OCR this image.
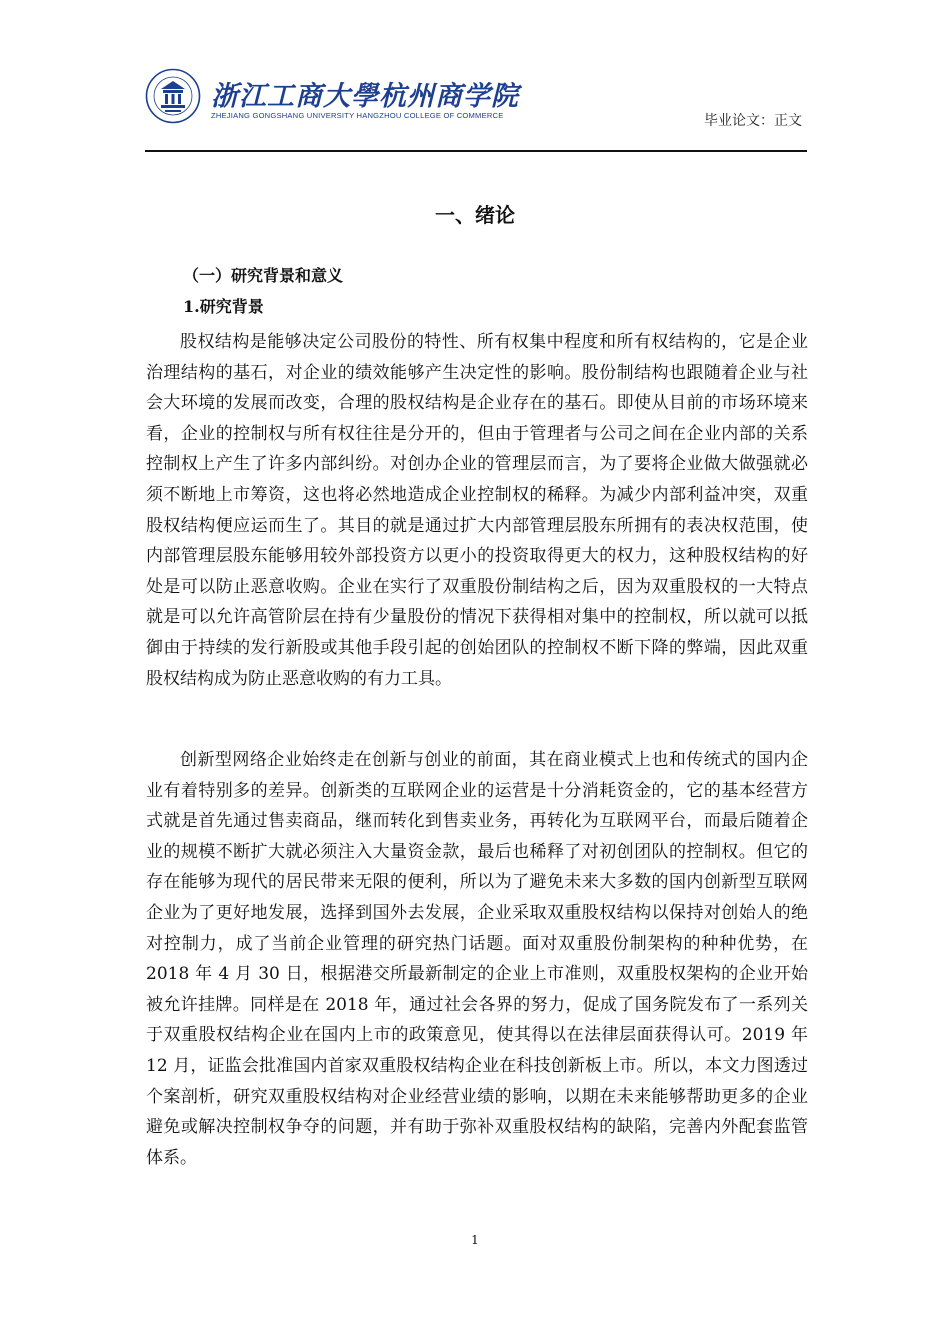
浙江工商大學杭州商学院
ZHEJIANG GONGSHANG UNIVERSITY HANGZHOU COLLEGE OF COMMERCE	毕业论文：正文
一、绪论
（一）研究背景和意义
1.研究背景

股权结构是能够决定公司股份的特性、所有权集中程度和所有权结构的，它是企业治理结构的基石，对企业的绩效能够产生决定性的影响。股份制结构也跟随着企业与社会大环境的发展而改变，合理的股权结构是企业存在的基石。即使从目前的市场环境来看，企业的控制权与所有权往往是分开的，但由于管理者与公司之间在企业内部的关系控制权上产生了许多内部纠纷。对创办企业的管理层而言，为了要将企业做大做强就必须不断地上市筹资，这也将必然地造成企业控制权的稀释。为减少内部利益冲突，双重股权结构便应运而生了。其目的就是通过扩大内部管理层股东所拥有的表决权范围，使内部管理层股东能够用较外部投资方以更小的投资取得更大的权力，这种股权结构的好处是可以防止恶意收购。企业在实行了双重股份制结构之后，因为双重股权的一大特点就是可以允许高管阶层在持有少量股份的情况下获得相对集中的控制权，所以就可以抵御由于持续的发行新股或其他手段引起的创始团队的控制权不断下降的弊端，因此双重股权结构成为防止恶意收购的有力工具。

创新型网络企业始终走在创新与创业的前面，其在商业模式上也和传统式的国内企业有着特别多的差异。创新类的互联网企业的运营是十分消耗资金的，它的基本经营方式就是首先通过售卖商品，继而转化到售卖业务，再转化为互联网平台，而最后随着企业的规模不断扩大就必须注入大量资金款，最后也稀释了对初创团队的控制权。但它的存在能够为现代的居民带来无限的便利，所以为了避免未来大多数的国内创新型互联网企业为了更好地发展，选择到国外去发展，企业采取双重股权结构以保持对创始人的绝对控制力，成了当前企业管理的研究热门话题。面对双重股份制架构的种种优势，在 2018 年 4 月 30 日，根据港交所最新制定的企业上市准则，双重股权架构的企业开始被允许挂牌。同样是在 2018 年，通过社会各界的努力，促成了国务院发布了一系列关于双重股权结构企业在国内上市的政策意见，使其得以在法律层面获得认可。2019 年 12 月，证监会批准国内首家双重股权结构企业在科技创新板上市。所以，本文力图透过个案剖析，研究双重股权结构对企业经营业绩的影响，以期在未来能够帮助更多的企业避免或解决控制权争夺的问题，并有助于弥补双重股权结构的缺陷，完善内外配套监管体系。

1
